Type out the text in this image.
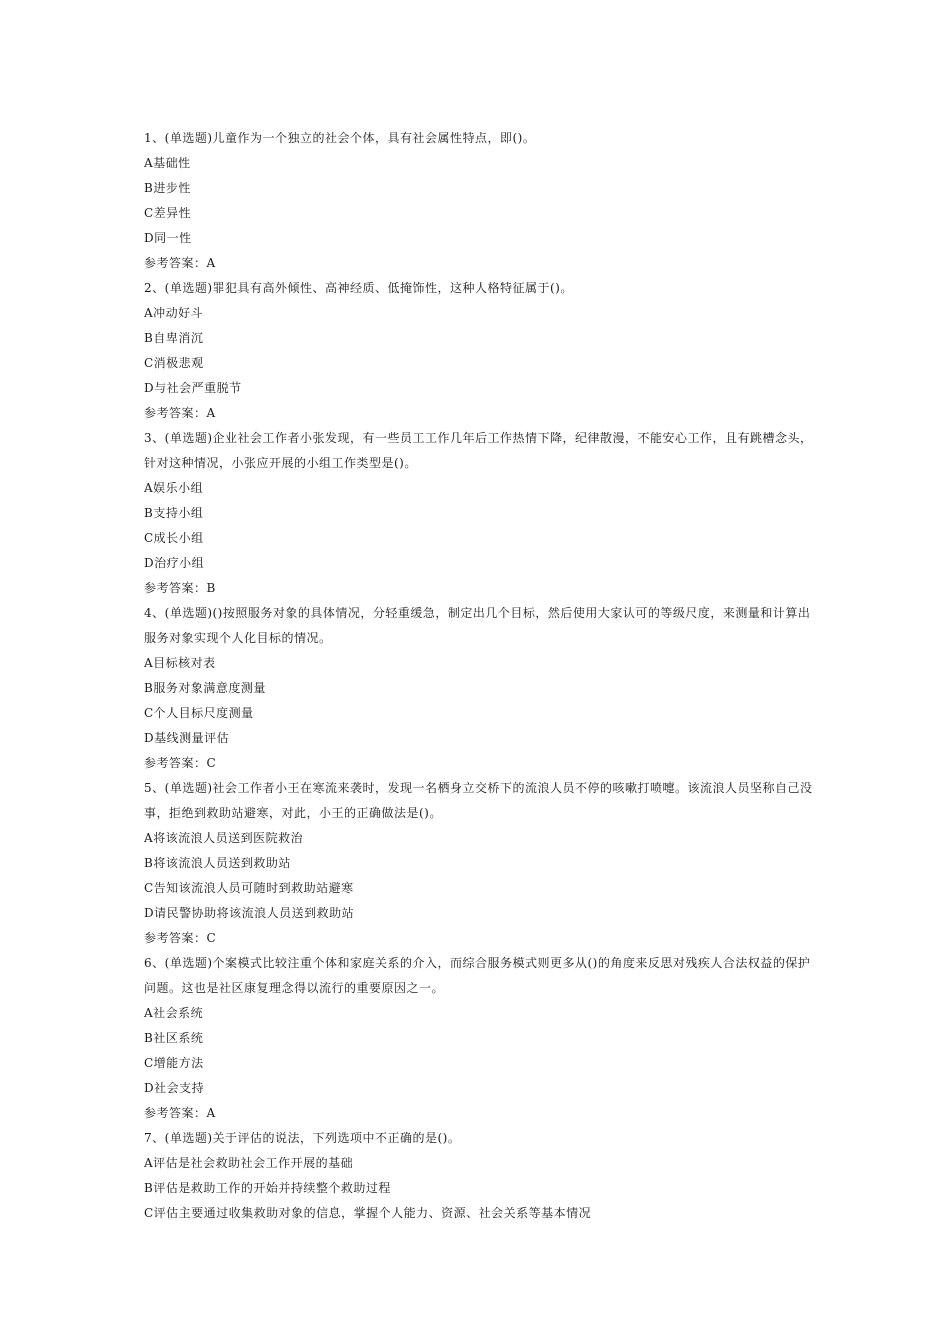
1、(单选题)儿童作为一个独立的社会个体，具有社会属性特点，即()。
A基础性
B进步性
C差异性
D同一性
参考答案：A
2、(单选题)罪犯具有高外倾性、高神经质、低掩饰性，这种人格特征属于()。
A冲动好斗
B自卑消沉
C消极悲观
D与社会严重脱节
参考答案：A
3、(单选题)企业社会工作者小张发现，有一些员工工作几年后工作热情下降，纪律散漫，不能安心工作，且有跳槽念头，针对这种情况，小张应开展的小组工作类型是()。
A娱乐小组
B支持小组
C成长小组
D治疗小组
参考答案：B
4、(单选题)()按照服务对象的具体情况，分轻重缓急，制定出几个目标，然后使用大家认可的等级尺度，来测量和计算出服务对象实现个人化目标的情况。
A目标核对表
B服务对象满意度测量
C个人目标尺度测量
D基线测量评估
参考答案：C
5、(单选题)社会工作者小王在寒流来袭时，发现一名栖身立交桥下的流浪人员不停的咳嗽打喷嚏。该流浪人员坚称自己没事，拒绝到救助站避寒，对此，小王的正确做法是()。
A将该流浪人员送到医院救治
B将该流浪人员送到救助站
C告知该流浪人员可随时到救助站避寒
D请民警协助将该流浪人员送到救助站
参考答案：C
6、(单选题)个案模式比较注重个体和家庭关系的介入，而综合服务模式则更多从()的角度来反思对残疾人合法权益的保护问题。这也是社区康复理念得以流行的重要原因之一。
A社会系统
B社区系统
C增能方法
D社会支持
参考答案：A
7、(单选题)关于评估的说法，下列选项中不正确的是()。
A评估是社会救助社会工作开展的基础
B评估是救助工作的开始并持续整个救助过程
C评估主要通过收集救助对象的信息，掌握个人能力、资源、社会关系等基本情况
